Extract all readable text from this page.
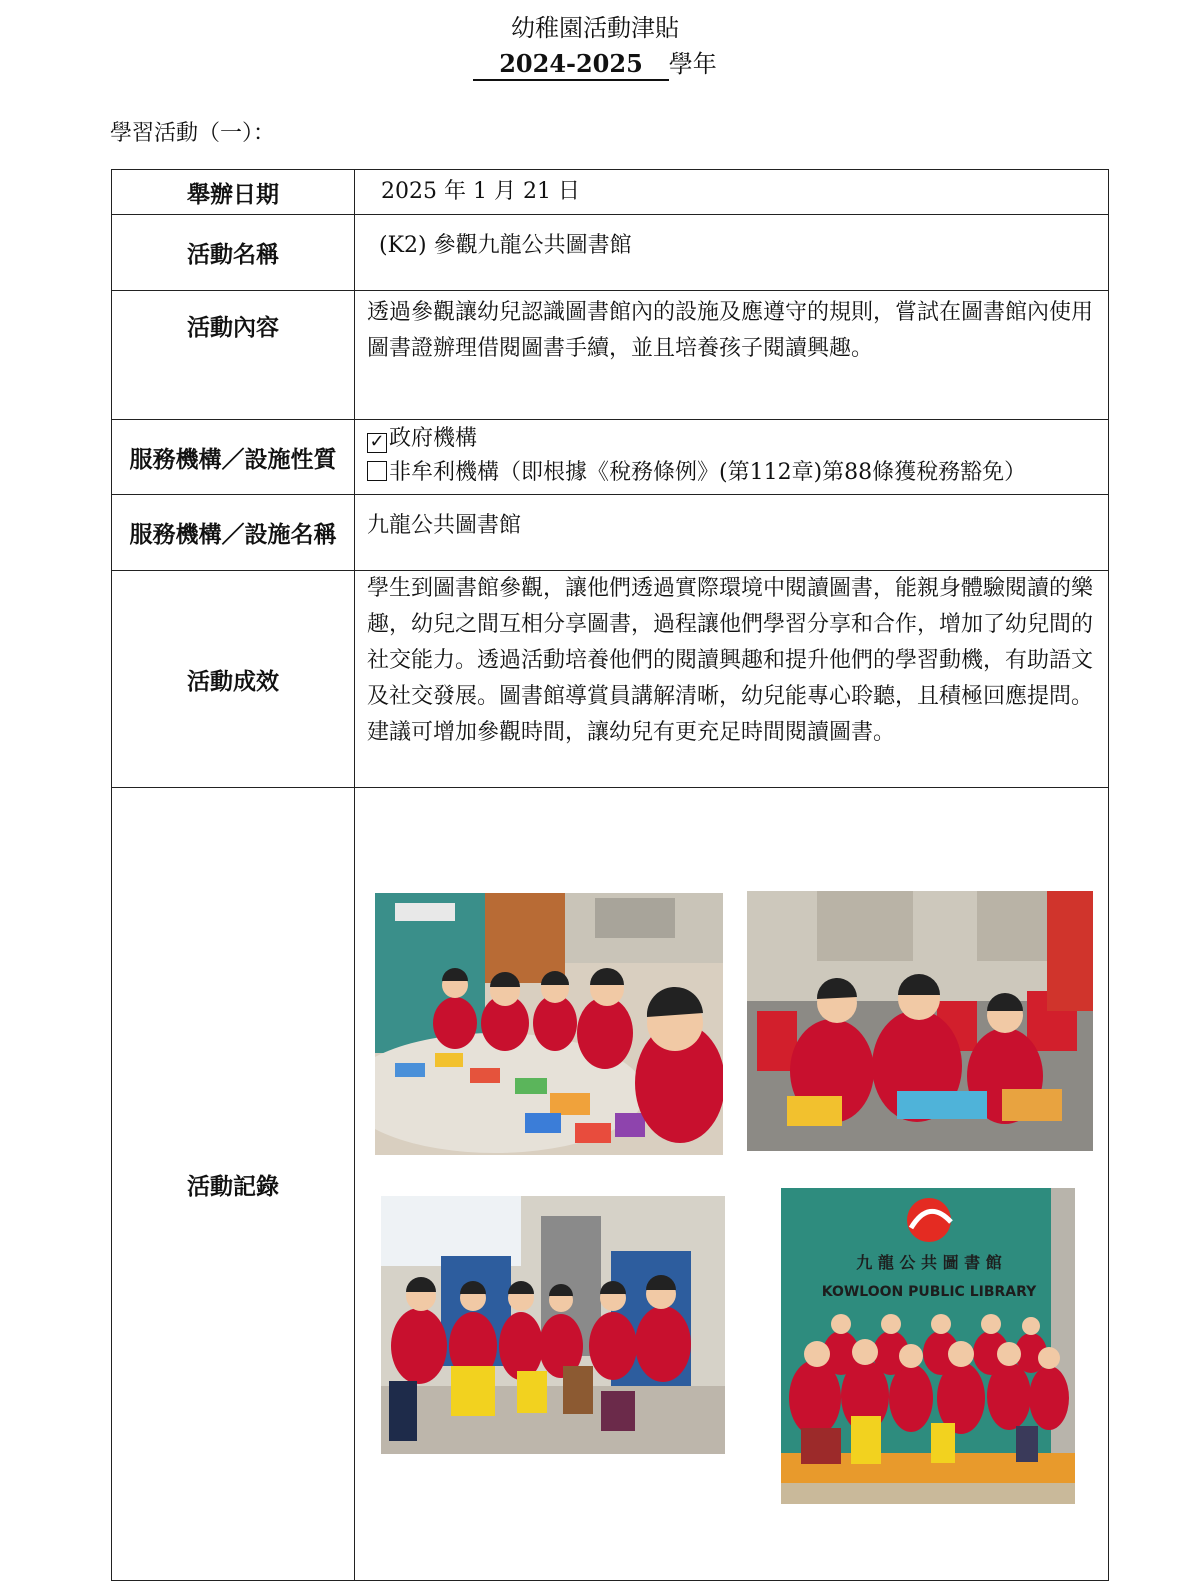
幼稚園活動津貼
2024-2025 學年
學習活動（一）：
舉辦日期	2025 年 1 月 21 日
活動名稱	(K2) 參觀九龍公共圖書館
活動內容	透過參觀讓幼兒認識圖書館內的設施及應遵守的規則，嘗試在圖書館內使用圖書證辦理借閱圖書手續，並且培養孩子閱讀興趣。
服務機構／設施性質	✓ 政府機構
非牟利機構（即根據《稅務條例》(第112章)第88條獲稅務豁免）

服務機構／設施名稱	九龍公共圖書館
活動成效	學生到圖書館參觀，讓他們透過實際環境中閱讀圖書，能親身體驗閱讀的樂趣，幼兒之間互相分享圖書，過程讓他們學習分享和合作，增加了幼兒間的社交能力。透過活動培養他們的閱讀興趣和提升他們的學習動機，有助語文及社交發展。圖書館導賞員講解清晰，幼兒能專心聆聽，且積極回應提問。建議可增加參觀時間，讓幼兒有更充足時間閱讀圖書。
活動記錄	九 龍 公 共 圖 書 館
KOWLOON PUBLIC LIBRARY
